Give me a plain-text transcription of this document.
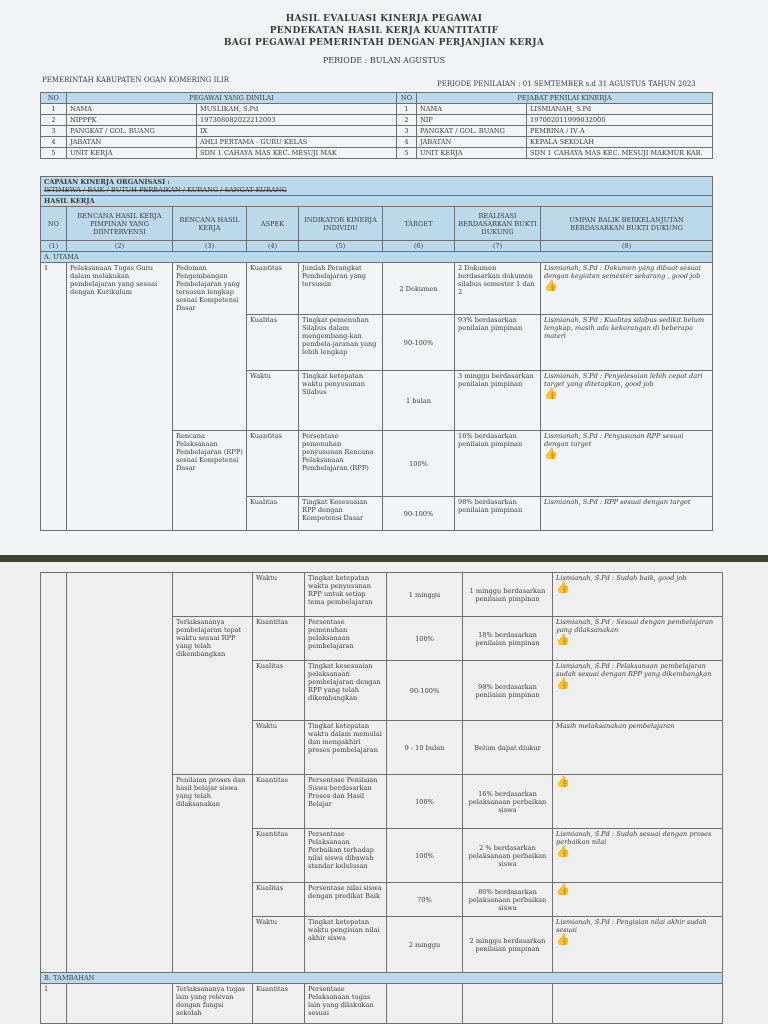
HASIL EVALUASI KINERJA PEGAWAI
PENDEKATAN HASIL KERJA KUANTITATIF
BAGI PEGAWAI PEMERINTAH DENGAN PERJANJIAN KERJA
PERIODE : BULAN AGUSTUS
PEMERINTAH KABUPATEN OGAN KOMERING ILIR	PERIODE PENILAIAN : 01 SEMTEMBER s.d 31 AGUSTUS TAHUN 2023
NO	PEGAWAI YANG DINILAI		NO	PEJABAT PENILAI KINERJA	
1	NAMA	MUSLIKAH, S.Pd	1	NAMA	LISMIANAH, S.Pd
2	NIPPPK	197308082022212003	2	NIP	197002011999032000
3	PANGKAT / GOL. RUANG	IX	3	PANGKAT / GOL. RUANG	PEMBINA / IV A
4	JABATAN	AHLI PERTAMA - GURU KELAS	4	JABATAN	KEPALA SEKOLAH
5	UNIT KERJA	SDN 1 CAHAYA MAS KEC. MESUJI MAK	5	UNIT KERJA	SDN 1 CAHAYA MAS KEC. MESUJI MAKMUR KAB.
CAPAIAN KINERJA ORGANISASI :
ISTIMEWA / BAIK / BUTUH PERBAIKAN / KURANG / SANGAT KURANG							
HASIL KERJA							
NO	RENCANA HASIL KERJA PIMPINAN YANG DIINTERVENSI	RENCANA HASIL KERJA	ASPEK	INDIKATOR KINERJA INDIVIDU	TARGET	REALISASI BERDASARKAN BUKTI DUKUNG	UMPAN BALIK BERKELANJUTAN BERDASARKAN BUKTI DUKUNG
(1)	(2)	(3)	(4)	(5)	(6)	(7)	(8)
A. UTAMA							
1	Pelaksanaan Tugas Guru dalam melakukan pembelajaran yang sesuai dengan Kurikulum	Pedoman Pengembangan Pembelajaran yang tersusun lengkap sesuai Kompetensi Dasar	Kuantitas	Jumlah Perangkat Pembelajaran yang tersusun	2 Dokumen	2 Dokumen berdasarkan dokumen silabus semester 1 dan 2	Lismianah, S.Pd : Dokumen yang dibuat sesuai dengan kegiatan semester sekarang , good job
👍

			Kualitas	Tingkat pemenuhan Silabus dalam mengembang-kan pembela-jaranan yang lebih lengkap	90-100%	93% berdasarkan penilaian pimpinan	Lismianah, S.Pd : Kualitas silabus sedikit belum lengkap, masih ada kekurangan di beberapa materi
			Waktu	Tingkat ketepatan waktu penyusunan Silabus	1 bulan	3 minggu berdasarkan penilaian pimpinan	Lismianah, S.Pd : Penyelesaian lebih cepat dari target yang ditetapkan, good job
👍

		Rencana Pelaksanaan Pembelajaran (RPP) sesuai Kompetensi Dasar	Kuantitas	Persentase pemenuhan penyusunan Rencana Pelaksanaan Pembelajaran (RPP)	100%	16% berdasarkan penilaian pimpinan	Lismianah, S.Pd : Penyusunan RPP sesuai dengan target
👍

			Kualitas	Tingkat Kesesuaian RPP dengan Kompetensi Dasar	90-100%	98% berdasarkan penilaian pimpinan	Lismianah, S.Pd : RPP sesuai dengan target
			Waktu	Tingkat ketepatan waktu penyusunan RPP untuk setiap tema pembelajaran	1 minggu	1 minggu berdasarkan penilaian pimpinan	Lismianah, S.Pd : Sudah baik, good job
👍

		Terlaksananya pembelajaran tepat waktu sesuai RPP yang telah dikembangkan	Kuantitas	Persentase pemenuhan pelaksanaan pembelajaran	100%	18% berdasarkan penilaian pimpinan	Lismianah, S.Pd : Sesuai dengan pembelajaran yang dilaksanakan
👍

			Kualitas	Tingkat kesesuaian pelaksanaan pembelajaran dengan RPP yang telah dikembangkan	90-100%	98% berdasarkan penilaian pimpinan	Lismianah, S.Pd : Pelaksanaan pembelajaran sudah sesuai dengan RPP yang dikembangkan
👍

			Waktu	Tingkat ketepatan waktu dalam memulai dan mengakhiri proses pembelajaran	9 - 10 bulan	Belum dapat diukur	Masih melaksanakan pembelajaran
		Penilaian proses dan hasil belajar siswa yang telah dilaksanakan	Kuantitas	Persentase Penilaian Siswa berdasarkan Proses dan Hasil Belajar	100%	16% berdasarkan pelaksanaan perbaikan siswa	👍

			Kuantitas	Persentase Pelaksanaan Perbaikan terhadap nilai siswa dibawah standar kelulusan	100%	2 % berdasarkan pelaksanaan perbaikan siswa	Lismianah, S.Pd : Sudah sesuai dengan proses perbaikan nilai
👍

			Kualitas	Persentase nilai siswa dengan predikat Baik	70%	80% berdasarkan pelaksanaan perbaikan siswa	👍

			Waktu	Tingkat ketepatan waktu pengisian nilai akhir siswa	2 minggu	2 minggu berdasarkan penilaian pimpinan	Lismianah, S.Pd : Pengisian nilai akhir sudah sesuai
👍

B. TAMBAHAN							
1		Terlaksananya tugas lain yang relevan dengan fungsi sekolah	Kuantitas	Persentase Pelaksanaan tugas lain yang dilakukan sesuai			
